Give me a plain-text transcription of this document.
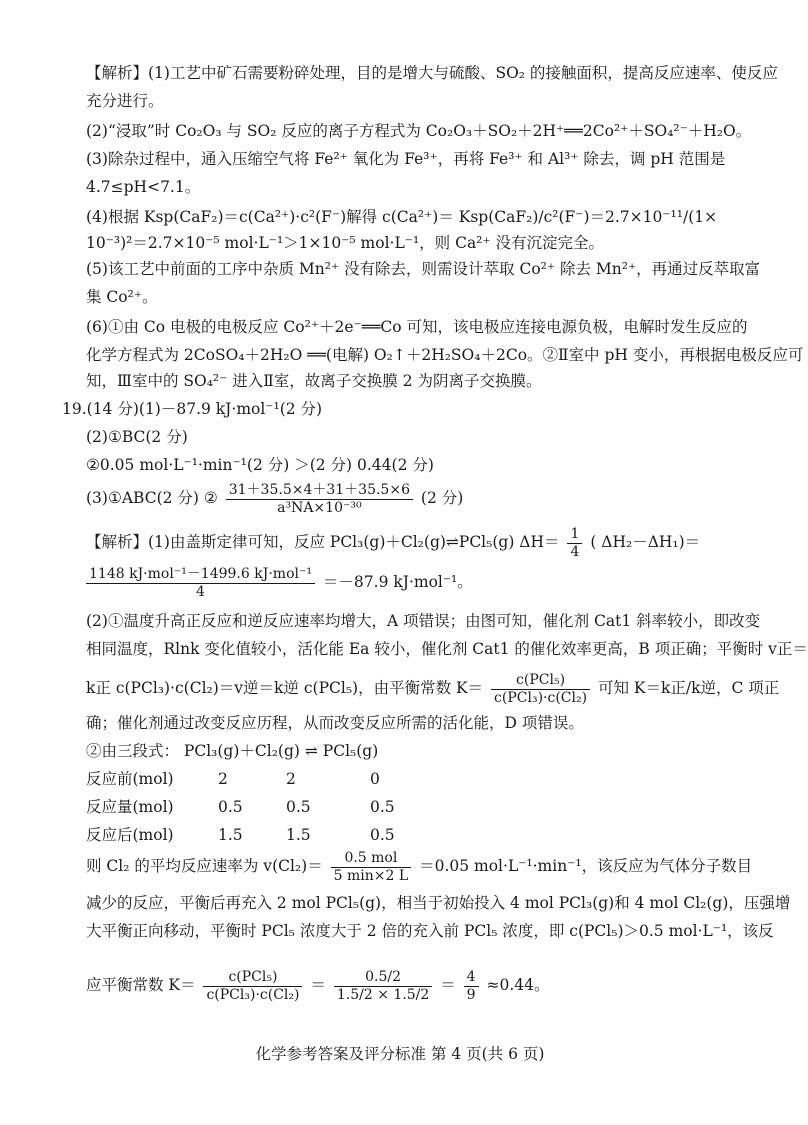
【解析】(1)工艺中矿石需要粉碎处理，目的是增大与硫酸、SO₂ 的接触面积，提高反应速率、使反应
充分进行。
(2)“浸取”时 Co₂O₃ 与 SO₂ 反应的离子方程式为 Co₂O₃＋SO₂＋2H⁺══2Co²⁺＋SO₄²⁻＋H₂O。
(3)除杂过程中，通入压缩空气将 Fe²⁺ 氧化为 Fe³⁺，再将 Fe³⁺ 和 Al³⁺ 除去，调 pH 范围是
4.7≤pH<7.1。
(4)根据 Ksp(CaF₂)＝c(Ca²⁺)·c²(F⁻)解得 c(Ca²⁺)＝ Ksp(CaF₂)/c²(F⁻)＝2.7×10⁻¹¹/(1×
10⁻³)²＝2.7×10⁻⁵ mol·L⁻¹＞1×10⁻⁵ mol·L⁻¹，则 Ca²⁺ 没有沉淀完全。
(5)该工艺中前面的工序中杂质 Mn²⁺ 没有除去，则需设计萃取 Co²⁺ 除去 Mn²⁺，再通过反萃取富
集 Co²⁺。
(6)①由 Co 电极的电极反应 Co²⁺＋2e⁻══Co 可知，该电极应连接电源负极，电解时发生反应的
化学方程式为 2CoSO₄＋2H₂O ══(电解) O₂↑＋2H₂SO₄＋2Co。②Ⅱ室中 pH 变小，再根据电极反应可
知，Ⅲ室中的 SO₄²⁻ 进入Ⅱ室，故离子交换膜 2 为阴离子交换膜。
19.(14 分)(1)－87.9 kJ·mol⁻¹(2 分)
(2)①BC(2 分)
②0.05 mol·L⁻¹·min⁻¹(2 分) ＞(2 分) 0.44(2 分)
(3)①ABC(2 分) ② $\frac{31+35.5\times 4+31+35.5\times 6}{\text{a³NA×10⁻³⁰}} (2$ 分)
【解析】(1)由盖斯定律可知，反应 PCl₃(g)＋Cl₂(g)⇌PCl₅(g) $\Delta H= \frac{1}{4}$ ( ΔH₂－ΔH₁)＝
$\frac{\text{1148 kJ·mol⁻¹－1499.6 kJ·mol⁻¹}}{4} =-87.9$ kJ·mol⁻¹。
(2)①温度升高正反应和逆反应速率均增大，A 项错误；由图可知，催化剂 Cat1 斜率较小，即改变
相同温度，Rlnk 变化值较小，活化能 Ea 较小，催化剂 Cat1 的催化效率更高，B 项正确；平衡时 v正＝
k正 c(PCl₃)·c(Cl₂)＝v逆＝k逆 c(PCl₅)，由平衡常数 $K= \frac{\text{c(PCl₅)}}{\text{c(PCl₃)·c(Cl₂)}}$ 可知 K＝k正/k逆，C 项正
确；催化剂通过改变反应历程，从而改变反应所需的活化能，D 项错误。
②由三段式： PCl₃(g)＋Cl₂(g) ⇌ PCl₅(g)
反应前(mol)	2	2	0
反应量(mol)	0.5	0.5	0.5
反应后(mol)	1.5	1.5	0.5
则 Cl₂ 的平均反应速率为 $v(Cl_2)= \frac{\text{0.5 mol}}{5 \min\times 2 L} =0.05$ mol·L⁻¹·min⁻¹，该反应为气体分子数目
减少的反应，平衡后再充入 2 mol PCl₅(g)，相当于初始投入 4 mol PCl₃(g)和 4 mol Cl₂(g)，压强增
大平衡正向移动，平衡时 PCl₅ 浓度大于 2 倍的充入前 PCl₅ 浓度，即 c(PCl₅)＞0.5 mol·L⁻¹，该反
应平衡常数 $K= \frac{\text{c(PCl₅)}}{\text{c(PCl₃)·c(Cl₂)}} = \frac{0.5/2}{1.5/2 \times 1.5/2} = \frac{4}{9} \approx 0.44$。
化学参考答案及评分标准 第 4 页(共 6 页)
